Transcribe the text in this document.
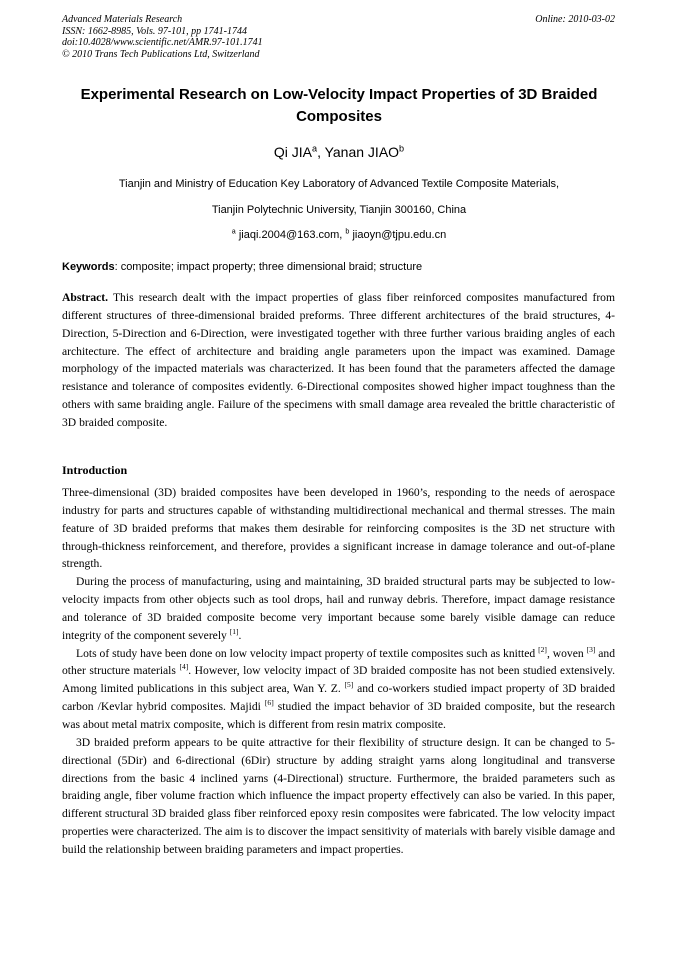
Advanced Materials Research
ISSN: 1662-8985, Vols. 97-101, pp 1741-1744
doi:10.4028/www.scientific.net/AMR.97-101.1741
© 2010 Trans Tech Publications Ltd, Switzerland
Online: 2010-03-02
Experimental Research on Low-Velocity Impact Properties of 3D Braided Composites
Qi JIA$^a$, Yanan JIAO$^b$
Tianjin and Ministry of Education Key Laboratory of Advanced Textile Composite Materials,
Tianjin Polytechnic University, Tianjin 300160, China
$^a$ jiaqi.2004@163.com, $^b$ jiaoyn@tjpu.edu.cn
Keywords: composite; impact property; three dimensional braid; structure
Abstract. This research dealt with the impact properties of glass fiber reinforced composites manufactured from different structures of three-dimensional braided preforms. Three different architectures of the braid structures, 4-Direction, 5-Direction and 6-Direction, were investigated together with three further various braiding angles of each architecture. The effect of architecture and braiding angle parameters upon the impact was examined. Damage morphology of the impacted materials was characterized. It has been found that the parameters affected the damage resistance and tolerance of composites evidently. 6-Directional composites showed higher impact toughness than the others with same braiding angle. Failure of the specimens with small damage area revealed the brittle characteristic of 3D braided composite.
Introduction

Three-dimensional (3D) braided composites have been developed in 1960’s, responding to the needs of aerospace industry for parts and structures capable of withstanding multidirectional mechanical and thermal stresses. The main feature of 3D braided preforms that makes them desirable for reinforcing composites is the 3D net structure with through-thickness reinforcement, and therefore, provides a significant increase in damage tolerance and out-of-plane strength.

During the process of manufacturing, using and maintaining, 3D braided structural parts may be subjected to low-velocity impacts from other objects such as tool drops, hail and runway debris. Therefore, impact damage resistance and tolerance of 3D braided composite become very important because some barely visible damage can reduce integrity of the component severely [1].

Lots of study have been done on low velocity impact property of textile composites such as knitted [2], woven [3] and other structure materials [4]. However, low velocity impact of 3D braided composite has not been studied extensively. Among limited publications in this subject area, Wan Y. Z. [5] and co-workers studied impact property of 3D braided carbon /Kevlar hybrid composites. Majidi [6] studied the impact behavior of 3D braided composite, but the research was about metal matrix composite, which is different from resin matrix composite.

3D braided preform appears to be quite attractive for their flexibility of structure design. It can be changed to 5-directional (5Dir) and 6-directional (6Dir) structure by adding straight yarns along longitudinal and transverse directions from the basic 4 inclined yarns (4-Directional) structure. Furthermore, the braided parameters such as braiding angle, fiber volume fraction which influence the impact property effectively can also be varied. In this paper, different structural 3D braided glass fiber reinforced epoxy resin composites were fabricated. The low velocity impact properties were characterized. The aim is to discover the impact sensitivity of materials with barely visible damage and build the relationship between braiding parameters and impact properties.
